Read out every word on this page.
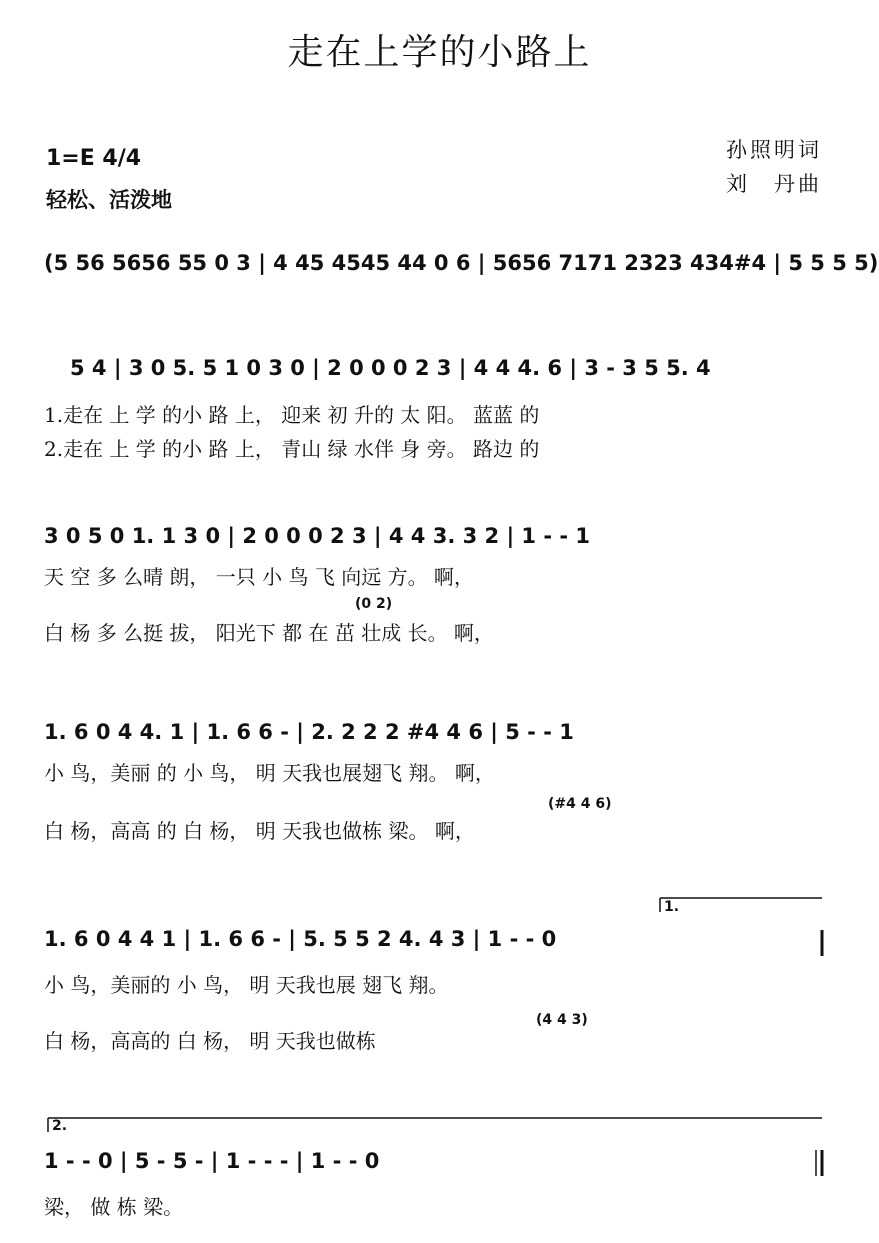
走在上学的小路上
1=E 4/4
轻松、活泼地
孙照明词
刘　丹曲
(5 56 5656 55 0 3 | 4 45 4545 44 0 6 | 5656 7171 2323 434#4 | 5 5 5 5)
5 4 | 3 0 5. 5 1 0 3 0 | 2 0 0 0 2 3 | 4 4 4. 6 | 3 - 3 5 5. 4
1.走在 上 学 的小 路 上， 迎来 初 升的 太 阳。 蓝蓝 的
2.走在 上 学 的小 路 上， 青山 绿 水伴 身 旁。 路边 的
3 0 5 0 1. 1 3 0 | 2 0 0 0 2 3 | 4 4 3. 3 2 | 1 - - 1
天 空 多 么晴 朗， 一只 小 鸟 飞 向远 方。 啊，
(0 2)
白 杨 多 么挺 拔， 阳光下 都 在 茁 壮成 长。 啊，
1. 6 0 4 4. 1 | 1. 6 6 - | 2. 2 2 2 #4 4 6 | 5 - - 1
小 鸟，美丽 的 小 鸟， 明 天我也展翅飞 翔。 啊，
(#4 4 6)
白 杨，高高 的 白 杨， 明 天我也做栋 梁。 啊，
1.
1. 6 0 4 4 1 | 1. 6 6 - | 5. 5 5 2 4. 4 3 | 1 - - 0
小 鸟，美丽的 小 鸟， 明 天我也展 翅飞 翔。
(4 4 3)
白 杨，高高的 白 杨， 明 天我也做栋
2.
1 - - 0 | 5 - 5 - | 1 - - - | 1 - - 0
梁， 做 栋 梁。
